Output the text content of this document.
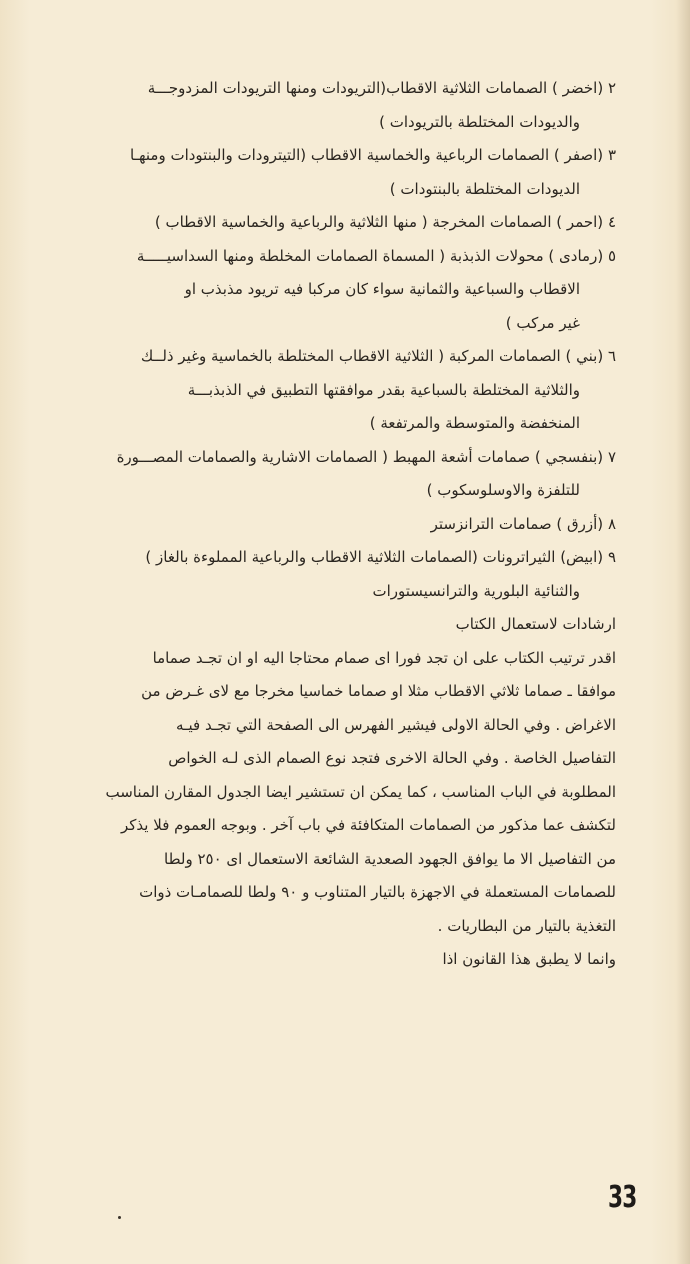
٢ (اخضر ) الصمامات الثلاثية الاقطاب(التريودات ومنها التريودات المزدوجـــة
والديودات المختلطة بالتريودات )
٣ (اصفر ) الصمامات الرباعية والخماسية الاقطاب (التيترودات والبنتودات ومنهـا
الديودات المختلطة بالبنتودات )
٤ (احمر ) الصمامات المخرجة ( منها الثلاثية والرباعية والخماسية الاقطاب )
٥ (رمادى ) محولات الذبذبة ( المسماة الصمامات المخلطة ومنها السداسيـــــة
الاقطاب والسباعية والثمانية سواء كان مركبا فيه تريود مذبذب او
غير مركب )
٦ (بني ) الصمامات المركبة ( الثلاثية الاقطاب المختلطة بالخماسية وغير ذلــك
والثلاثية المختلطة بالسباعية بقدر موافقتها التطبيق في الذبذبـــة
المنخفضة والمتوسطة والمرتفعة )
٧ (بنفسجي ) صمامات أشعة المهبط ( الصمامات الاشارية والصمامات المصـــورة
للتلفزة والاوسلوسكوب )
٨ (أزرق ) صمامات الترانزستر
٩ (ابيض) الثيراترونات (الصمامات الثلاثية الاقطاب والرباعية المملوءة بالغاز )
والثنائية البلورية والترانسيستورات
ارشادات لاستعمال الكتاب
اقدر ترتيب الكتاب على ان تجد فورا اى صمام محتاجا اليه او ان تجـد صماما
موافقا ـ صماما ثلاثي الاقطاب مثلا او صماما خماسيا مخرجا مع لاى غـرض من
الاغراض . وفي الحالة الاولى فيشير الفهرس الى الصفحة التي تجـد فيـه
التفاصيل الخاصة . وفي الحالة الاخرى فتجد نوع الصمام الذى لـه الخواص
المطلوبة في الباب المناسب ، كما يمكن ان تستشير ايضا الجدول المقارن المناسب
لتكشف عما مذكور من الصمامات المتكافئة في باب آخر . وبوجه العموم فلا يذكر
من التفاصيل الا ما يوافق الجهود الصعدية الشائعة الاستعمال اى ٢٥٠ ولطا
للصمامات المستعملة في الاجهزة بالتيار المتناوب و ٩٠ ولطا للصمامـات ذوات
التغذية بالتيار من البطاريات .
وانما لا يطبق هذا القانون اذا
33
